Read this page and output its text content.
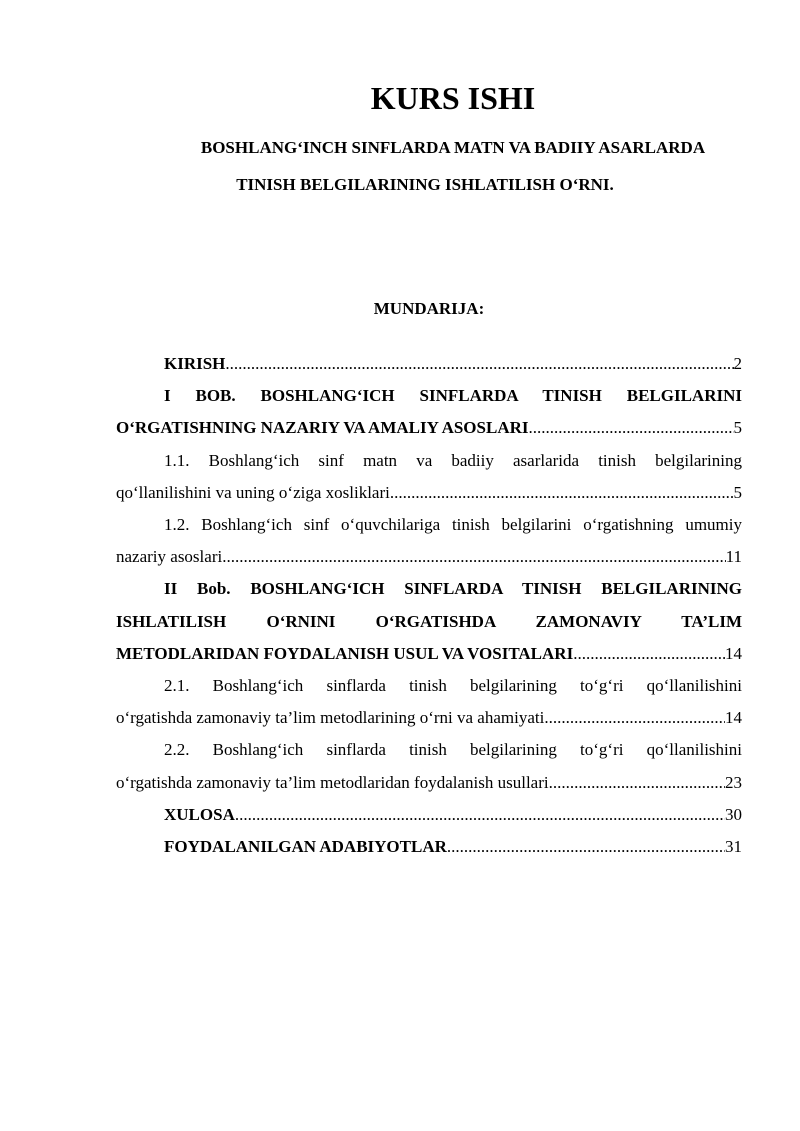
KURS ISHI
BOSHLANG‘INCH SINFLARDA MATN VA BADIIY ASARLARDA
TINISH BELGILARINING ISHLATILISH O‘RNI.
MUNDARIJA:
KIRISH .....	2
I BOB. BOSHLANG‘ICH SINFLARDA TINISH BELGILARINI
O‘RGATISHNING NAZARIY VA AMALIY ASOSLARI .....	5
1.1. Boshlang‘ich sinf matn va badiiy asarlarida tinish belgilarining
qo‘llanilishini va uning o‘ziga xosliklari .....	5
1.2. Boshlang‘ich sinf o‘quvchilariga tinish belgilarini o‘rgatishning umumiy
nazariy asoslari .....	11
II Bob. BOSHLANG‘ICH SINFLARDA TINISH BELGILARINING
ISHLATILISH O‘RNINI O‘RGATISHDA ZAMONAVIY TA’LIM
METODLARIDAN FOYDALANISH USUL VA VOSITALARI .....	14
2.1. Boshlang‘ich sinflarda tinish belgilarining to‘g‘ri qo‘llanilishini
o‘rgatishda zamonaviy ta’lim metodlarining o‘rni va ahamiyati .....	14
2.2. Boshlang‘ich sinflarda tinish belgilarining to‘g‘ri qo‘llanilishini
o‘rgatishda zamonaviy ta’lim metodlaridan foydalanish usullari .....	23
XULOSA .....	30
FOYDALANILGAN ADABIYOTLAR .....	31
